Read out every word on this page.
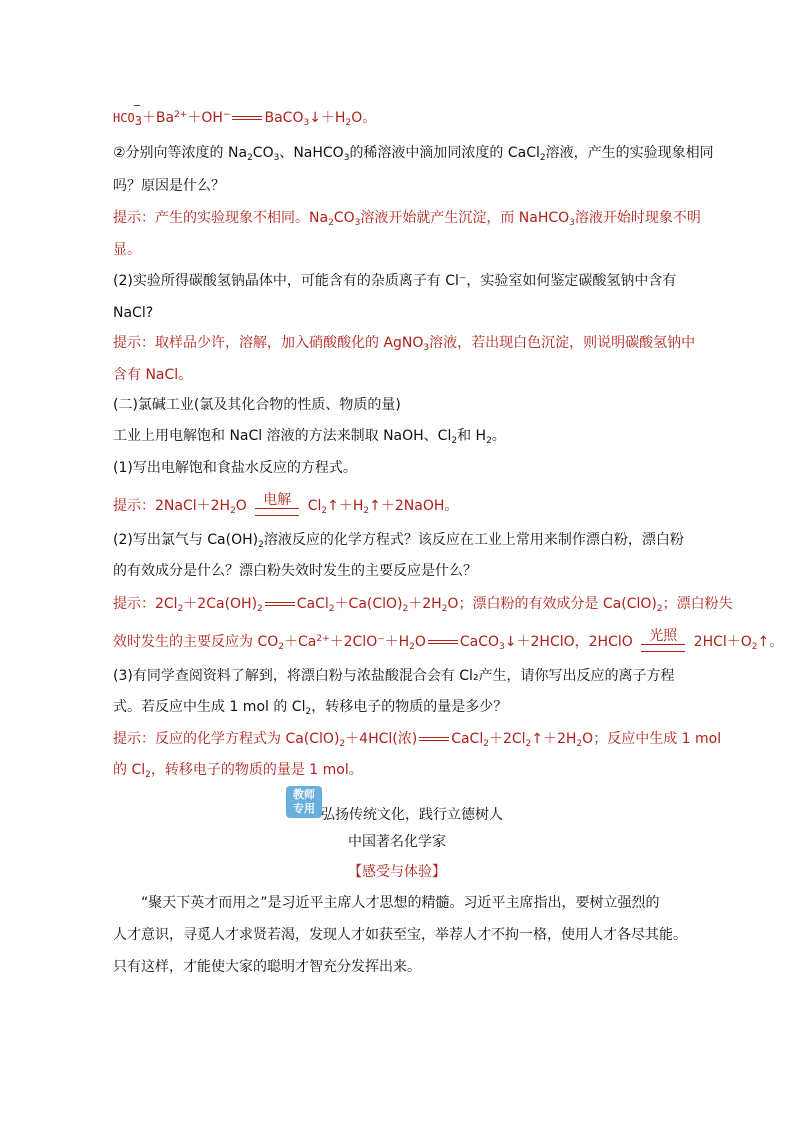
$HCO_3+Ba^{2+}+OH^-$ $BaCO_3↓+H_2O$。
②分别向等浓度的 $Na_2CO_3$、NaHCO$_3$的稀溶液中滴加同浓度的 CaCl$_2$溶液，产生的实验现象相同
吗？原因是什么？
提示：产生的实验现象不相同。$Na_2CO_3$溶液开始就产生沉淀，而 NaHCO$_3$溶液开始时现象不明
显。
(2)实验所得碳酸氢钠晶体中，可能含有的杂质离子有 Cl⁻，实验室如何鉴定碳酸氢钠中含有
NaCl?
提示：取样品少许，溶解，加入硝酸酸化的 AgNO$_3$溶液，若出现白色沉淀，则说明碳酸氢钠中
含有 NaCl。
(二)氯碱工业(氯及其化合物的性质、物质的量)
工业上用电解饱和 NaCl 溶液的方法来制取 NaOH、$Cl_2$和 $H_2$。
(1)写出电解饱和食盐水反应的方程式。
提示：$2NaCl+2H_2O$	电解	$Cl_2↑+H_2↑+2NaOH$。
(2)写出氯气与 $Ca(OH)_2$溶液反应的化学方程式？该反应在工业上常用来制作漂白粉，漂白粉
的有效成分是什么？漂白粉失效时发生的主要反应是什么？
提示：$2Cl_2+2Ca(OH)_2$ $CaCl_2+Ca(ClO)_2+2H_2O$；漂白粉的有效成分是 $Ca(ClO)_2$；漂白粉失
效时发生的主要反应为 $CO_2+Ca^{2+}+2ClO^-+H_2O$ CaCO$_3$↓＋2HClO，2HClO	光照	$2HCl+O_2↑$。
(3)有同学查阅资料了解到，将漂白粉与浓盐酸混合会有 Cl₂产生，请你写出反应的离子方程
式。若反应中生成 1 mol 的 $Cl_2$，转移电子的物质的量是多少？
提示：反应的化学方程式为 $Ca(ClO)_2+4HCl$(浓) $CaCl_2+2Cl_2↑+2H_2O$；反应中生成 1 mol
的 $Cl_2$，转移电子的物质的量是 1 mol。
教师
专用 弘扬传统文化，践行立德树人
中国著名化学家
【感受与体验】
“聚天下英才而用之”是习近平主席人才思想的精髓。习近平主席指出，要树立强烈的
人才意识，寻觅人才求贤若渴，发现人才如获至宝，举荐人才不拘一格，使用人才各尽其能。
只有这样，才能使大家的聪明才智充分发挥出来。
